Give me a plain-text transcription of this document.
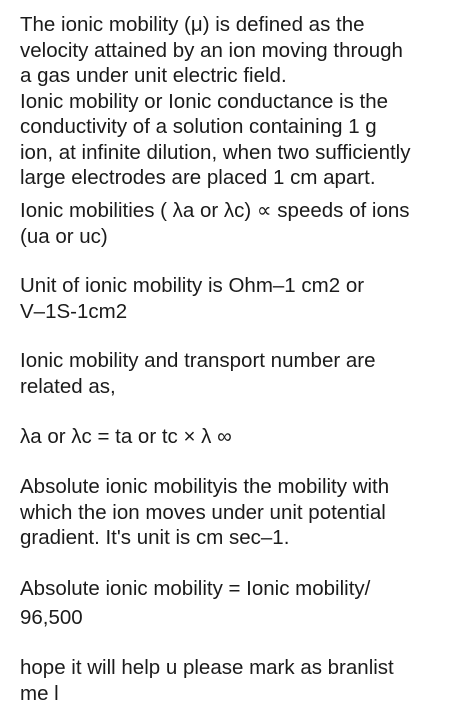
The ionic mobility (μ) is defined as the
velocity attained by an ion moving through
a gas under unit electric field.
Ionic mobility or Ionic conductance is the
conductivity of a solution containing 1 g
ion, at infinite dilution, when two sufficiently
large electrodes are placed 1 cm apart.

Ionic mobilities ( λa or λc) ∝ speeds of ions
(ua or uc)

Unit of ionic mobility is Ohm–1 cm2 or
V–1S-1cm2

Ionic mobility and transport number are
related as,

λa or λc = ta or tc × λ ∞

Absolute ionic mobilityis the mobility with
which the ion moves under unit potential
gradient. It's unit is cm sec–1.

Absolute ionic mobility = Ionic mobility/
96,500

hope it will help u please mark as branlist
me l
